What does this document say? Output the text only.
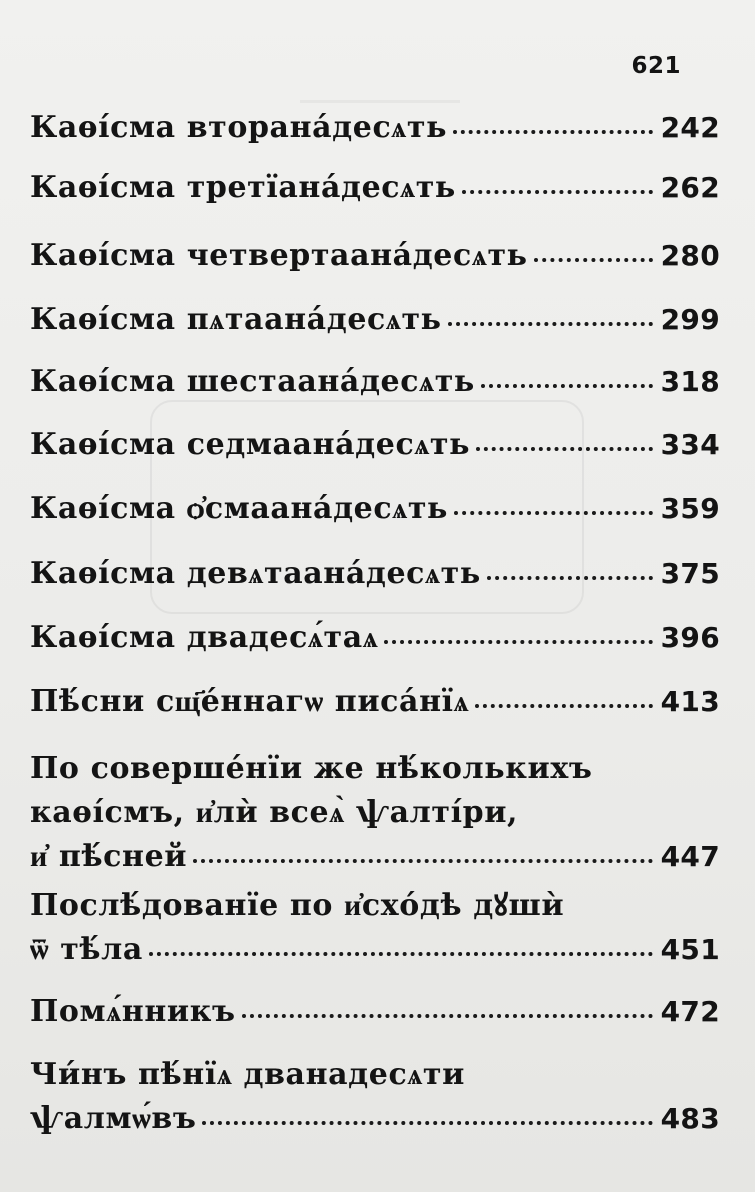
621
Каѳі́сма вторана́десѧть	242
Каѳі́сма третїана́десѧть	262
Каѳі́сма четвертаана́десѧть	280
Каѳі́сма пѧтаана́десѧть	299
Каѳі́сма шестаана́десѧть	318
Каѳі́сма седмаана́десѧть	334
Каѳі́сма ѻ҆смаана́десѧть	359
Каѳі́сма девѧтаана́десѧть	375
Каѳі́сма двадесѧ́таѧ	396
Пѣ́сни сщ҃е́ннагѡ писа́нїѧ	413
По соверше́нїи же нѣ́колькихъ
каѳі́смъ, и҆лѝ всеѧ̀ ѱалтı́ри,
и҆ пѣ́сней	447
Послѣ́дованїе по и҆схо́дѣ дꙋшѝ
ѿ тѣ́ла	451
Помѧ́нникъ	472
Чи́нъ пѣ́нїѧ дванадесѧти
ѱалмѡ́въ	483
